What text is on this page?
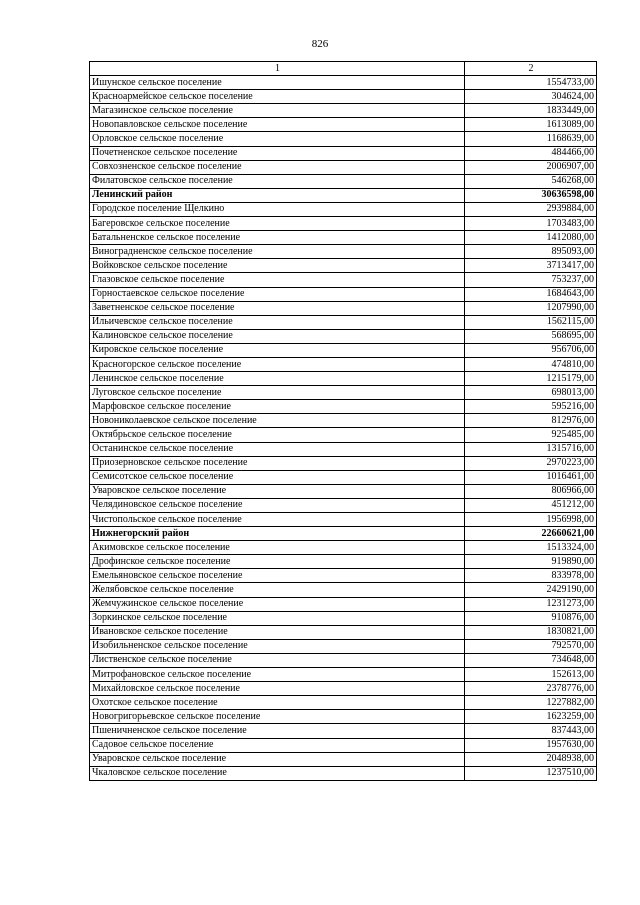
826
1	2
Ишунское сельское поселение	1554733,00
Красноармейское сельское поселение	304624,00
Магазинское сельское поселение	1833449,00
Новопавловское сельское поселение	1613089,00
Орловское сельское поселение	1168639,00
Почетненское сельское поселение	484466,00
Совхозненское сельское поселение	2006907,00
Филатовское сельское поселение	546268,00
Ленинский район	30636598,00
Городское поселение Щелкино	2939884,00
Багеровское сельское поселение	1703483,00
Батальненское сельское поселение	1412080,00
Виноградненское сельское поселение	895093,00
Войковское сельское поселение	3713417,00
Глазовское сельское поселение	753237,00
Горностаевское сельское поселение	1684643,00
Заветненское сельское поселение	1207990,00
Ильичевское сельское поселение	1562115,00
Калиновское сельское поселение	568695,00
Кировское сельское поселение	956706,00
Красногорское сельское поселение	474810,00
Ленинское сельское поселение	1215179,00
Луговское сельское поселение	698013,00
Марфовское сельское поселение	595216,00
Новониколаевское сельское поселение	812976,00
Октябрьское сельское поселение	925485,00
Останинское сельское поселение	1315716,00
Приозерновское сельское поселение	2970223,00
Семисотское сельское поселение	1016461,00
Уваровское сельское поселение	806966,00
Челядиновское сельское поселение	451212,00
Чистопольское сельское поселение	1956998,00
Нижнегорский район	22660621,00
Акимовское сельское поселение	1513324,00
Дрофинское сельское поселение	919890,00
Емельяновское сельское поселение	833978,00
Желябовское сельское поселение	2429190,00
Жемчужинское сельское поселение	1231273,00
Зоркинское сельское поселение	910876,00
Ивановское сельское поселение	1830821,00
Изобильненское сельское поселение	792570,00
Лиственское сельское поселение	734648,00
Митрофановское сельское поселение	152613,00
Михайловское сельское поселение	2378776,00
Охотское сельское поселение	1227882,00
Новогригорьевское сельское поселение	1623259,00
Пшеничненское сельское поселение	837443,00
Садовое сельское поселение	1957630,00
Уваровское сельское поселение	2048938,00
Чкаловское сельское поселение	1237510,00
